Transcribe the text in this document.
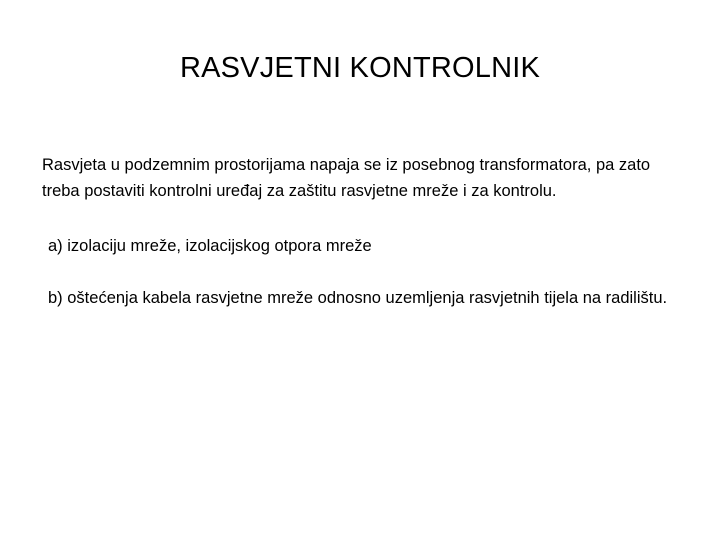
RASVJETNI KONTROLNIK

Rasvjeta u podzemnim prostorijama napaja se iz posebnog transformatora, pa zato treba postaviti kontrolni uređaj za zaštitu rasvjetne mreže i za kontrolu.

a) izolaciju mreže, izolacijskog otpora mreže

b) oštećenja kabela rasvjetne mreže odnosno uzemljenja rasvjetnih tijela na radilištu.
